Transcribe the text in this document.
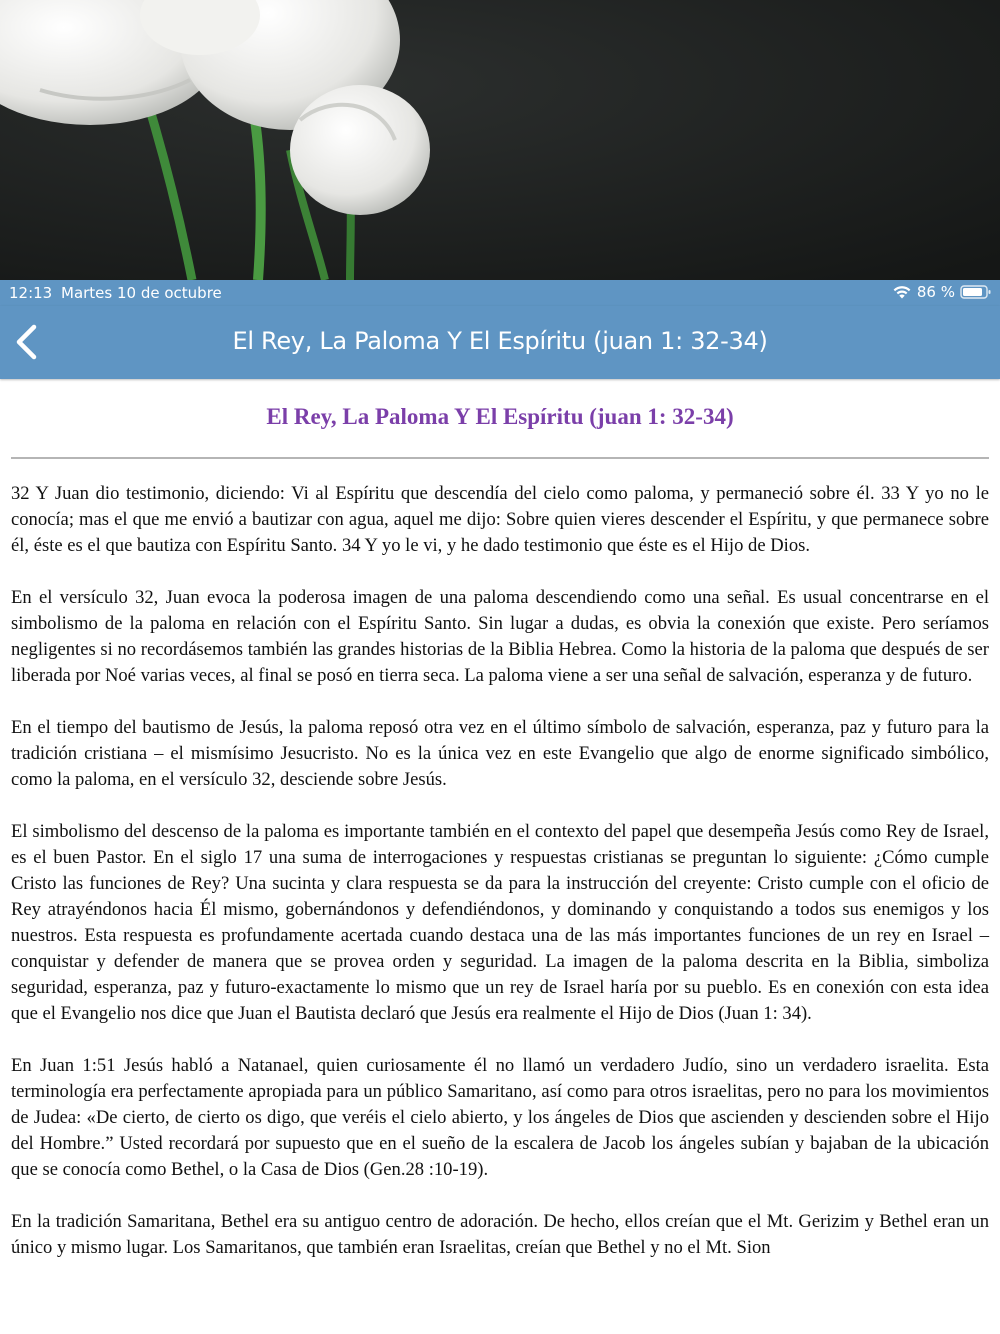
12:13 Martes 10 de octubre	86 %
El Rey, La Paloma Y El Espíritu (juan 1: 32-34)
El Rey, La Paloma Y El Espíritu (juan 1: 32-34)

32 Y Juan dio testimonio, diciendo: Vi al Espíritu que descendía del cielo como paloma, y permaneció sobre él. 33 Y yo no le conocía; mas el que me envió a bautizar con agua, aquel me dijo: Sobre quien vieres descender el Espíritu, y que permanece sobre él, éste es el que bautiza con Espíritu Santo. 34 Y yo le vi, y he dado testimonio que éste es el Hijo de Dios.

En el versículo 32, Juan evoca la poderosa imagen de una paloma descendiendo como una señal. Es usual concentrarse en el simbolismo de la paloma en relación con el Espíritu Santo. Sin lugar a dudas, es obvia la conexión que existe. Pero seríamos negligentes si no recordásemos también las grandes historias de la Biblia Hebrea. Como la historia de la paloma que después de ser liberada por Noé varias veces, al final se posó en tierra seca. La paloma viene a ser una señal de salvación, esperanza y de futuro.

En el tiempo del bautismo de Jesús, la paloma reposó otra vez en el último símbolo de salvación, esperanza, paz y futuro para la tradición cristiana – el mismísimo Jesucristo. No es la única vez en este Evangelio que algo de enorme significado simbólico, como la paloma, en el versículo 32, desciende sobre Jesús.

El simbolismo del descenso de la paloma es importante también en el contexto del papel que desempeña Jesús como Rey de Israel, es el buen Pastor. En el siglo 17 una suma de interrogaciones y respuestas cristianas se preguntan lo siguiente: ¿Cómo cumple Cristo las funciones de Rey? Una sucinta y clara respuesta se da para la instrucción del creyente: Cristo cumple con el oficio de Rey atrayéndonos hacia Él mismo, gobernándonos y defendiéndonos, y dominando y conquistando a todos sus enemigos y los nuestros. Esta respuesta es profundamente acertada cuando destaca una de las más importantes funciones de un rey en Israel –conquistar y defender de manera que se provea orden y seguridad. La imagen de la paloma descrita en la Biblia, simboliza seguridad, esperanza, paz y futuro-exactamente lo mismo que un rey de Israel haría por su pueblo. Es en conexión con esta idea que el Evangelio nos dice que Juan el Bautista declaró que Jesús era realmente el Hijo de Dios (Juan 1: 34).

En Juan 1:51 Jesús habló a Natanael, quien curiosamente él no llamó un verdadero Judío, sino un verdadero israelita. Esta terminología era perfectamente apropiada para un público Samaritano, así como para otros israelitas, pero no para los movimientos de Judea: «De cierto, de cierto os digo, que veréis el cielo abierto, y los ángeles de Dios que ascienden y descienden sobre el Hijo del Hombre.” Usted recordará por supuesto que en el sueño de la escalera de Jacob los ángeles subían y bajaban de la ubicación que se conocía como Bethel, o la Casa de Dios (Gen.28 :10-19).

En la tradición Samaritana, Bethel era su antiguo centro de adoración. De hecho, ellos creían que el Mt. Gerizim y Bethel eran un único y mismo lugar. Los Samaritanos, que también eran Israelitas, creían que Bethel y no el Mt. Sion
